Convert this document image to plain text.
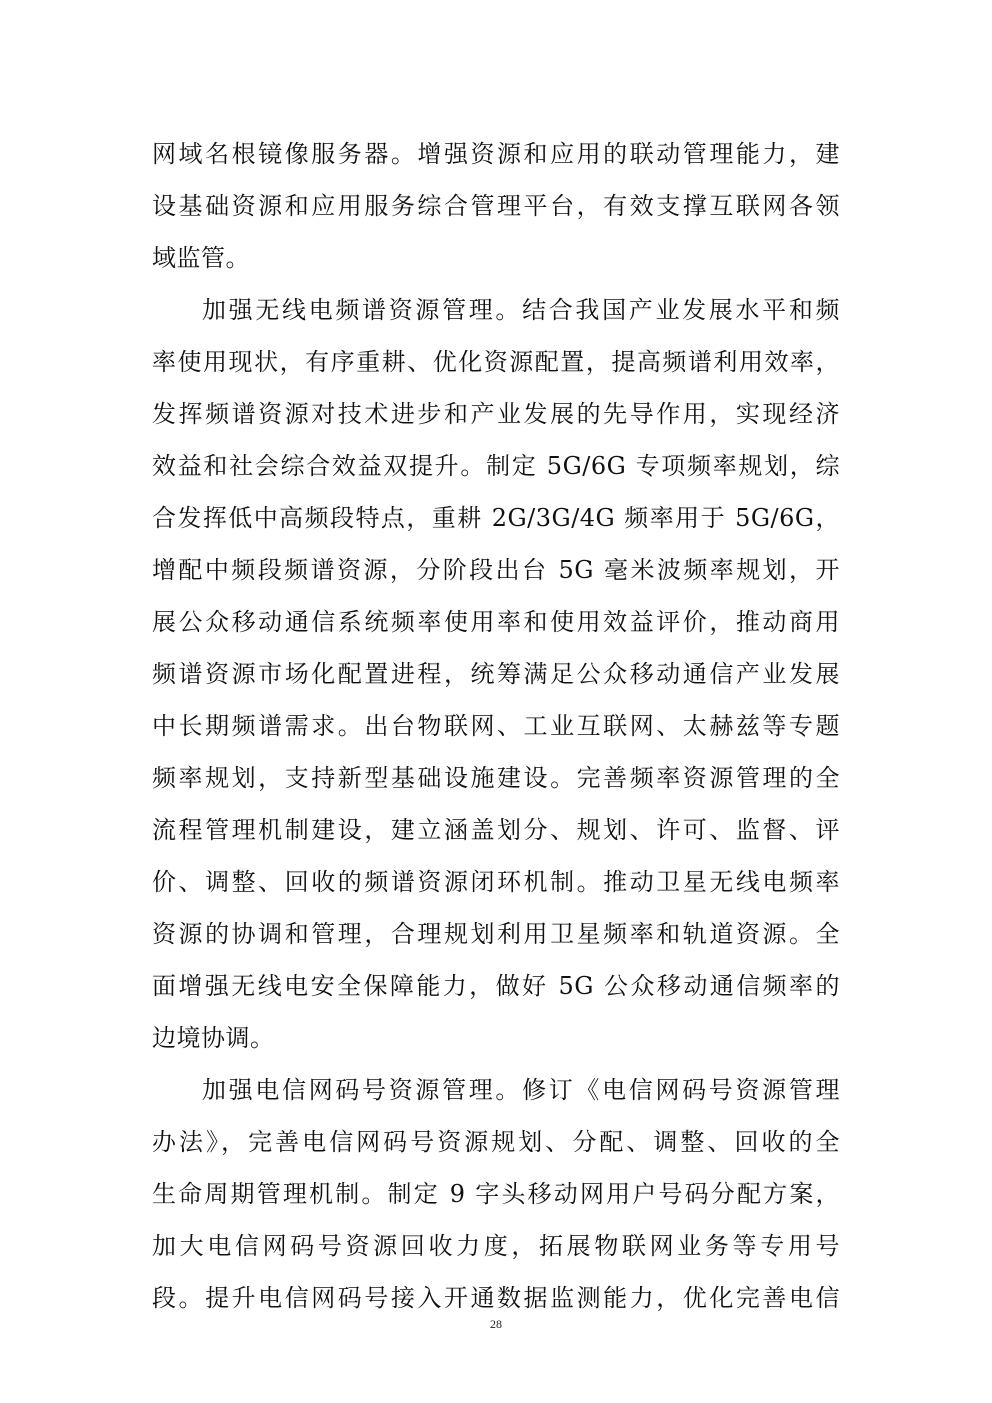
网域名根镜像服务器。增强资源和应用的联动管理能力，建
设基础资源和应用服务综合管理平台，有效支撑互联网各领
域监管。
加强无线电频谱资源管理。结合我国产业发展水平和频
率使用现状，有序重耕、优化资源配置，提高频谱利用效率，
发挥频谱资源对技术进步和产业发展的先导作用，实现经济
效益和社会综合效益双提升。制定 5G/6G 专项频率规划，综
合发挥低中高频段特点，重耕 2G/3G/4G 频率用于 5G/6G，
增配中频段频谱资源，分阶段出台 5G 毫米波频率规划，开
展公众移动通信系统频率使用率和使用效益评价，推动商用
频谱资源市场化配置进程，统筹满足公众移动通信产业发展
中长期频谱需求。出台物联网、工业互联网、太赫兹等专题
频率规划，支持新型基础设施建设。完善频率资源管理的全
流程管理机制建设，建立涵盖划分、规划、许可、监督、评
价、调整、回收的频谱资源闭环机制。推动卫星无线电频率
资源的协调和管理，合理规划利用卫星频率和轨道资源。全
面增强无线电安全保障能力，做好 5G 公众移动通信频率的
边境协调。
加强电信网码号资源管理。修订《电信网码号资源管理
办法》，完善电信网码号资源规划、分配、调整、回收的全
生命周期管理机制。制定 9 字头移动网用户号码分配方案，
加大电信网码号资源回收力度，拓展物联网业务等专用号
段。提升电信网码号接入开通数据监测能力，优化完善电信
28
